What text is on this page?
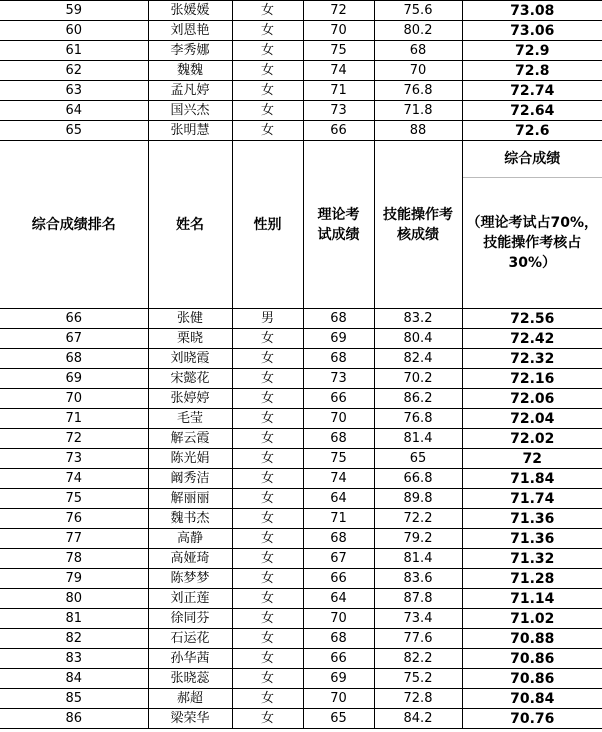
59	张媛媛	女	72	75.6	73.08
60	刘恩艳	女	70	80.2	73.06
61	李秀娜	女	75	68	72.9
62	魏魏	女	74	70	72.8
63	孟凡婷	女	71	76.8	72.74
64	国兴杰	女	73	71.8	72.64
65	张明慧	女	66	88	72.6
综合成绩排名	姓名	性别	理论考试成绩	技能操作考核成绩	综合成绩
					（理论考试占70%，技能操作考核占30%）
66	张健	男	68	83.2	72.56
67	栗晓	女	69	80.4	72.42
68	刘晓霞	女	68	82.4	72.32
69	宋懿花	女	73	70.2	72.16
70	张婷婷	女	66	86.2	72.06
71	毛莹	女	70	76.8	72.04
72	解云霞	女	68	81.4	72.02
73	陈光娟	女	75	65	72
74	阚秀洁	女	74	66.8	71.84
75	解丽丽	女	64	89.8	71.74
76	魏书杰	女	71	72.2	71.36
77	高静	女	68	79.2	71.36
78	高娅琦	女	67	81.4	71.32
79	陈梦梦	女	66	83.6	71.28
80	刘正莲	女	64	87.8	71.14
81	徐同芬	女	70	73.4	71.02
82	石运花	女	68	77.6	70.88
83	孙华茜	女	66	82.2	70.86
84	张晓蕊	女	69	75.2	70.86
85	郝超	女	70	72.8	70.84
86	梁荣华	女	65	84.2	70.76
